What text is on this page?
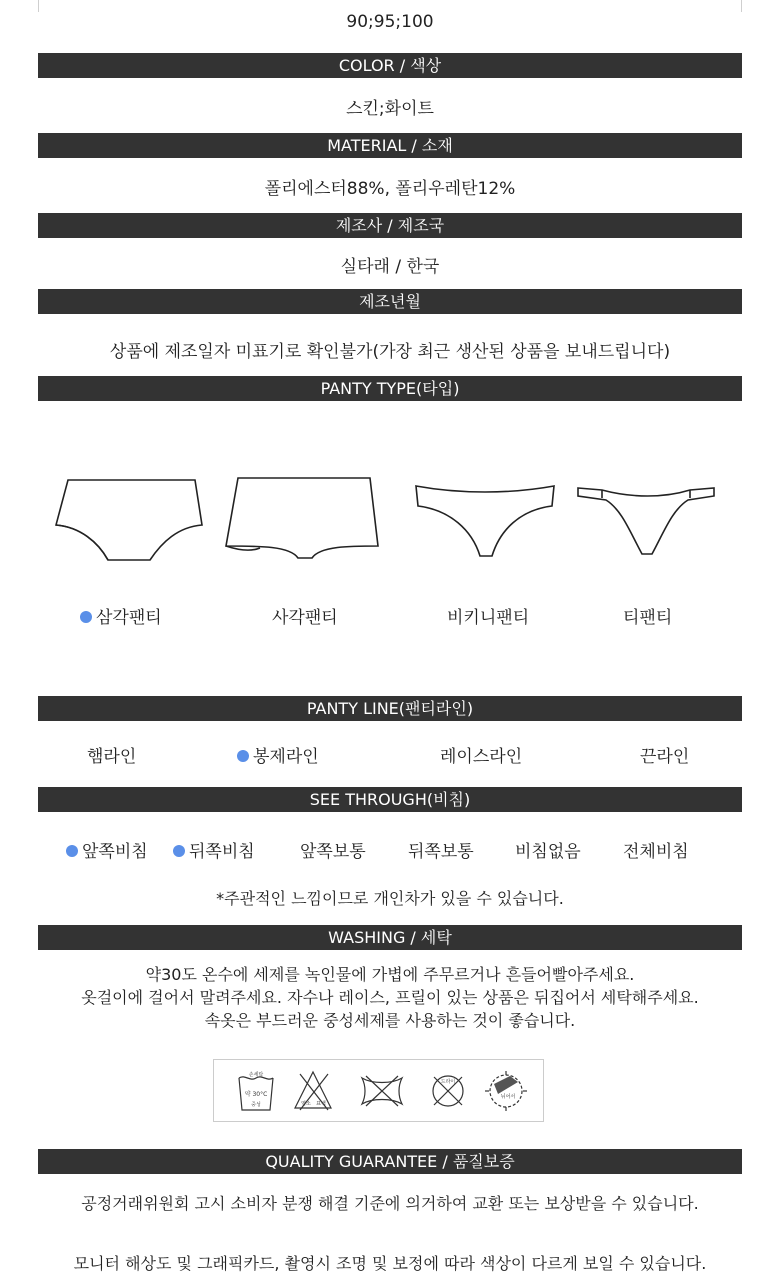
90;95;100
COLOR / 색상
스킨;화이트
MATERIAL / 소재
폴리에스터88%, 폴리우레탄12%
제조사 / 제조국
실타래 / 한국
제조년월
상품에 제조일자 미표기로 확인불가(가장 최근 생산된 상품을 보내드립니다)
PANTY TYPE(타입)
삼각팬티	사각팬티	비키니팬티	티팬티
PANTY LINE(팬티라인)
햄라인	봉제라인	레이스라인	끈라인
SEE THROUGH(비침)
앞쪽비침	뒤쪽비침	앞쪽보통 뒤쪽보통 비침없음 전체비침
*주관적인 느낌이므로 개인차가 있을 수 있습니다.
WASHING / 세탁
약30도 온수에 세제를 녹인물에 가볍에 주무르거나 흔들어빨아주세요.
옷걸이에 걸어서 말려주세요. 자수나 레이스, 프릴이 있는 상품은 뒤집어서 세탁해주세요.
속옷은 부드러운 중성세제를 사용하는 것이 좋습니다.
손세탁
약 30°C
중성	염소 표백
드라이
뉘어서
QUALITY GUARANTEE / 품질보증
공정거래위원회 고시 소비자 분쟁 해결 기준에 의거하여 교환 또는 보상받을 수 있습니다.
모니터 해상도 및 그래픽카드, 촬영시 조명 및 보정에 따라 색상이 다르게 보일 수 있습니다.
